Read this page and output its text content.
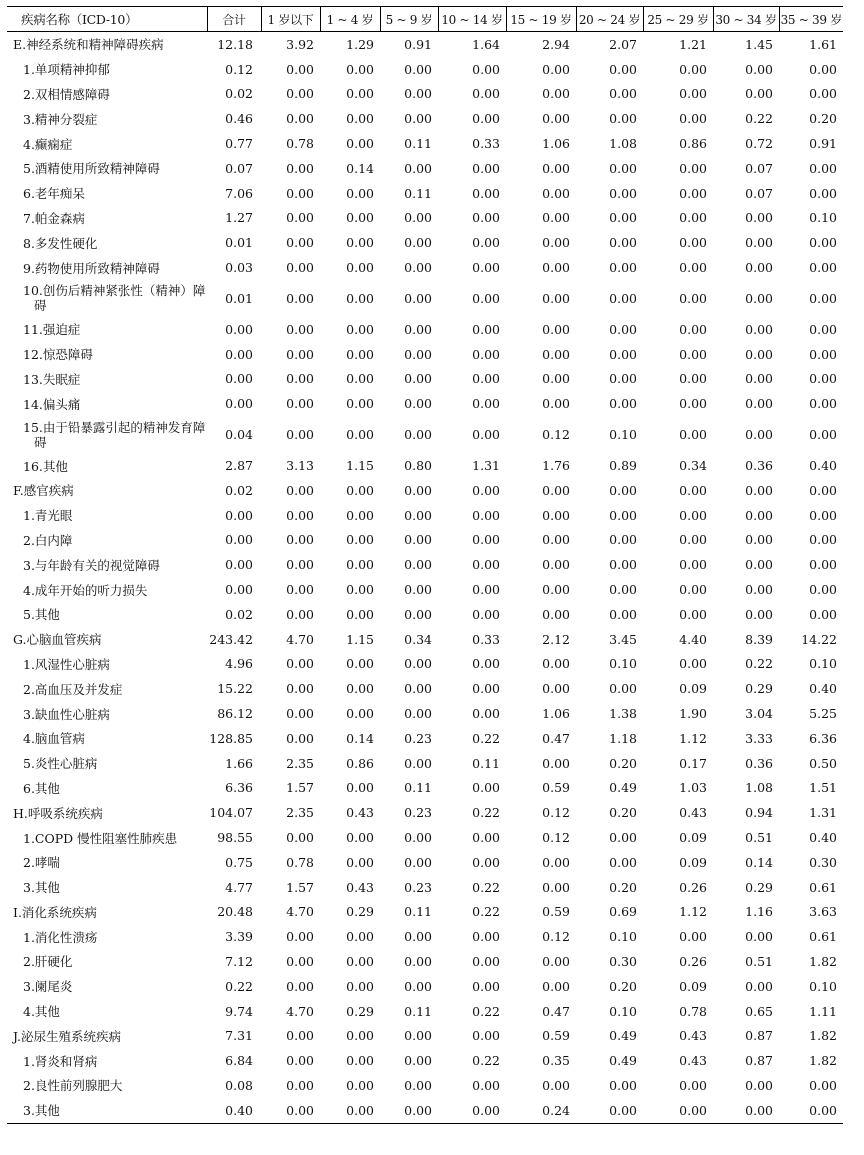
疾病名称（ICD-10）	合计	1 岁以下	1 ~ 4 岁	5 ~ 9 岁	10 ~ 14 岁	15 ~ 19 岁	20 ~ 24 岁	25 ~ 29 岁	30 ~ 34 岁	35 ~ 39 岁
E.神经系统和精神障碍疾病	12.18	3.92	1.29	0.91	1.64	2.94	2.07	1.21	1.45	1.61
1.单项精神抑郁	0.12	0.00	0.00	0.00	0.00	0.00	0.00	0.00	0.00	0.00
2.双相情感障碍	0.02	0.00	0.00	0.00	0.00	0.00	0.00	0.00	0.00	0.00
3.精神分裂症	0.46	0.00	0.00	0.00	0.00	0.00	0.00	0.00	0.22	0.20
4.癫痫症	0.77	0.78	0.00	0.11	0.33	1.06	1.08	0.86	0.72	0.91
5.酒精使用所致精神障碍	0.07	0.00	0.14	0.00	0.00	0.00	0.00	0.00	0.07	0.00
6.老年痴呆	7.06	0.00	0.00	0.11	0.00	0.00	0.00	0.00	0.07	0.00
7.帕金森病	1.27	0.00	0.00	0.00	0.00	0.00	0.00	0.00	0.00	0.10
8.多发性硬化	0.01	0.00	0.00	0.00	0.00	0.00	0.00	0.00	0.00	0.00
9.药物使用所致精神障碍	0.03	0.00	0.00	0.00	0.00	0.00	0.00	0.00	0.00	0.00

10.创伤后精神紧张性（精神）障碍	0.01	0.00	0.00	0.00	0.00	0.00	0.00	0.00	0.00	0.00
11.强迫症	0.00	0.00	0.00	0.00	0.00	0.00	0.00	0.00	0.00	0.00
12.惊恐障碍	0.00	0.00	0.00	0.00	0.00	0.00	0.00	0.00	0.00	0.00
13.失眠症	0.00	0.00	0.00	0.00	0.00	0.00	0.00	0.00	0.00	0.00
14.偏头痛	0.00	0.00	0.00	0.00	0.00	0.00	0.00	0.00	0.00	0.00

15.由于铅暴露引起的精神发育障碍	0.04	0.00	0.00	0.00	0.00	0.12	0.10	0.00	0.00	0.00
16.其他	2.87	3.13	1.15	0.80	1.31	1.76	0.89	0.34	0.36	0.40
F.感官疾病	0.02	0.00	0.00	0.00	0.00	0.00	0.00	0.00	0.00	0.00
1.青光眼	0.00	0.00	0.00	0.00	0.00	0.00	0.00	0.00	0.00	0.00
2.白内障	0.00	0.00	0.00	0.00	0.00	0.00	0.00	0.00	0.00	0.00
3.与年龄有关的视觉障碍	0.00	0.00	0.00	0.00	0.00	0.00	0.00	0.00	0.00	0.00
4.成年开始的听力损失	0.00	0.00	0.00	0.00	0.00	0.00	0.00	0.00	0.00	0.00
5.其他	0.02	0.00	0.00	0.00	0.00	0.00	0.00	0.00	0.00	0.00
G.心脑血管疾病	243.42	4.70	1.15	0.34	0.33	2.12	3.45	4.40	8.39	14.22
1.风湿性心脏病	4.96	0.00	0.00	0.00	0.00	0.00	0.10	0.00	0.22	0.10
2.高血压及并发症	15.22	0.00	0.00	0.00	0.00	0.00	0.00	0.09	0.29	0.40
3.缺血性心脏病	86.12	0.00	0.00	0.00	0.00	1.06	1.38	1.90	3.04	5.25
4.脑血管病	128.85	0.00	0.14	0.23	0.22	0.47	1.18	1.12	3.33	6.36
5.炎性心脏病	1.66	2.35	0.86	0.00	0.11	0.00	0.20	0.17	0.36	0.50
6.其他	6.36	1.57	0.00	0.11	0.00	0.59	0.49	1.03	1.08	1.51
H.呼吸系统疾病	104.07	2.35	0.43	0.23	0.22	0.12	0.20	0.43	0.94	1.31
1.COPD 慢性阻塞性肺疾患	98.55	0.00	0.00	0.00	0.00	0.12	0.00	0.09	0.51	0.40
2.哮喘	0.75	0.78	0.00	0.00	0.00	0.00	0.00	0.09	0.14	0.30
3.其他	4.77	1.57	0.43	0.23	0.22	0.00	0.20	0.26	0.29	0.61
I.消化系统疾病	20.48	4.70	0.29	0.11	0.22	0.59	0.69	1.12	1.16	3.63
1.消化性溃疡	3.39	0.00	0.00	0.00	0.00	0.12	0.10	0.00	0.00	0.61
2.肝硬化	7.12	0.00	0.00	0.00	0.00	0.00	0.30	0.26	0.51	1.82
3.阑尾炎	0.22	0.00	0.00	0.00	0.00	0.00	0.20	0.09	0.00	0.10
4.其他	9.74	4.70	0.29	0.11	0.22	0.47	0.10	0.78	0.65	1.11
J.泌尿生殖系统疾病	7.31	0.00	0.00	0.00	0.00	0.59	0.49	0.43	0.87	1.82
1.肾炎和肾病	6.84	0.00	0.00	0.00	0.22	0.35	0.49	0.43	0.87	1.82
2.良性前列腺肥大	0.08	0.00	0.00	0.00	0.00	0.00	0.00	0.00	0.00	0.00
3.其他	0.40	0.00	0.00	0.00	0.00	0.24	0.00	0.00	0.00	0.00
